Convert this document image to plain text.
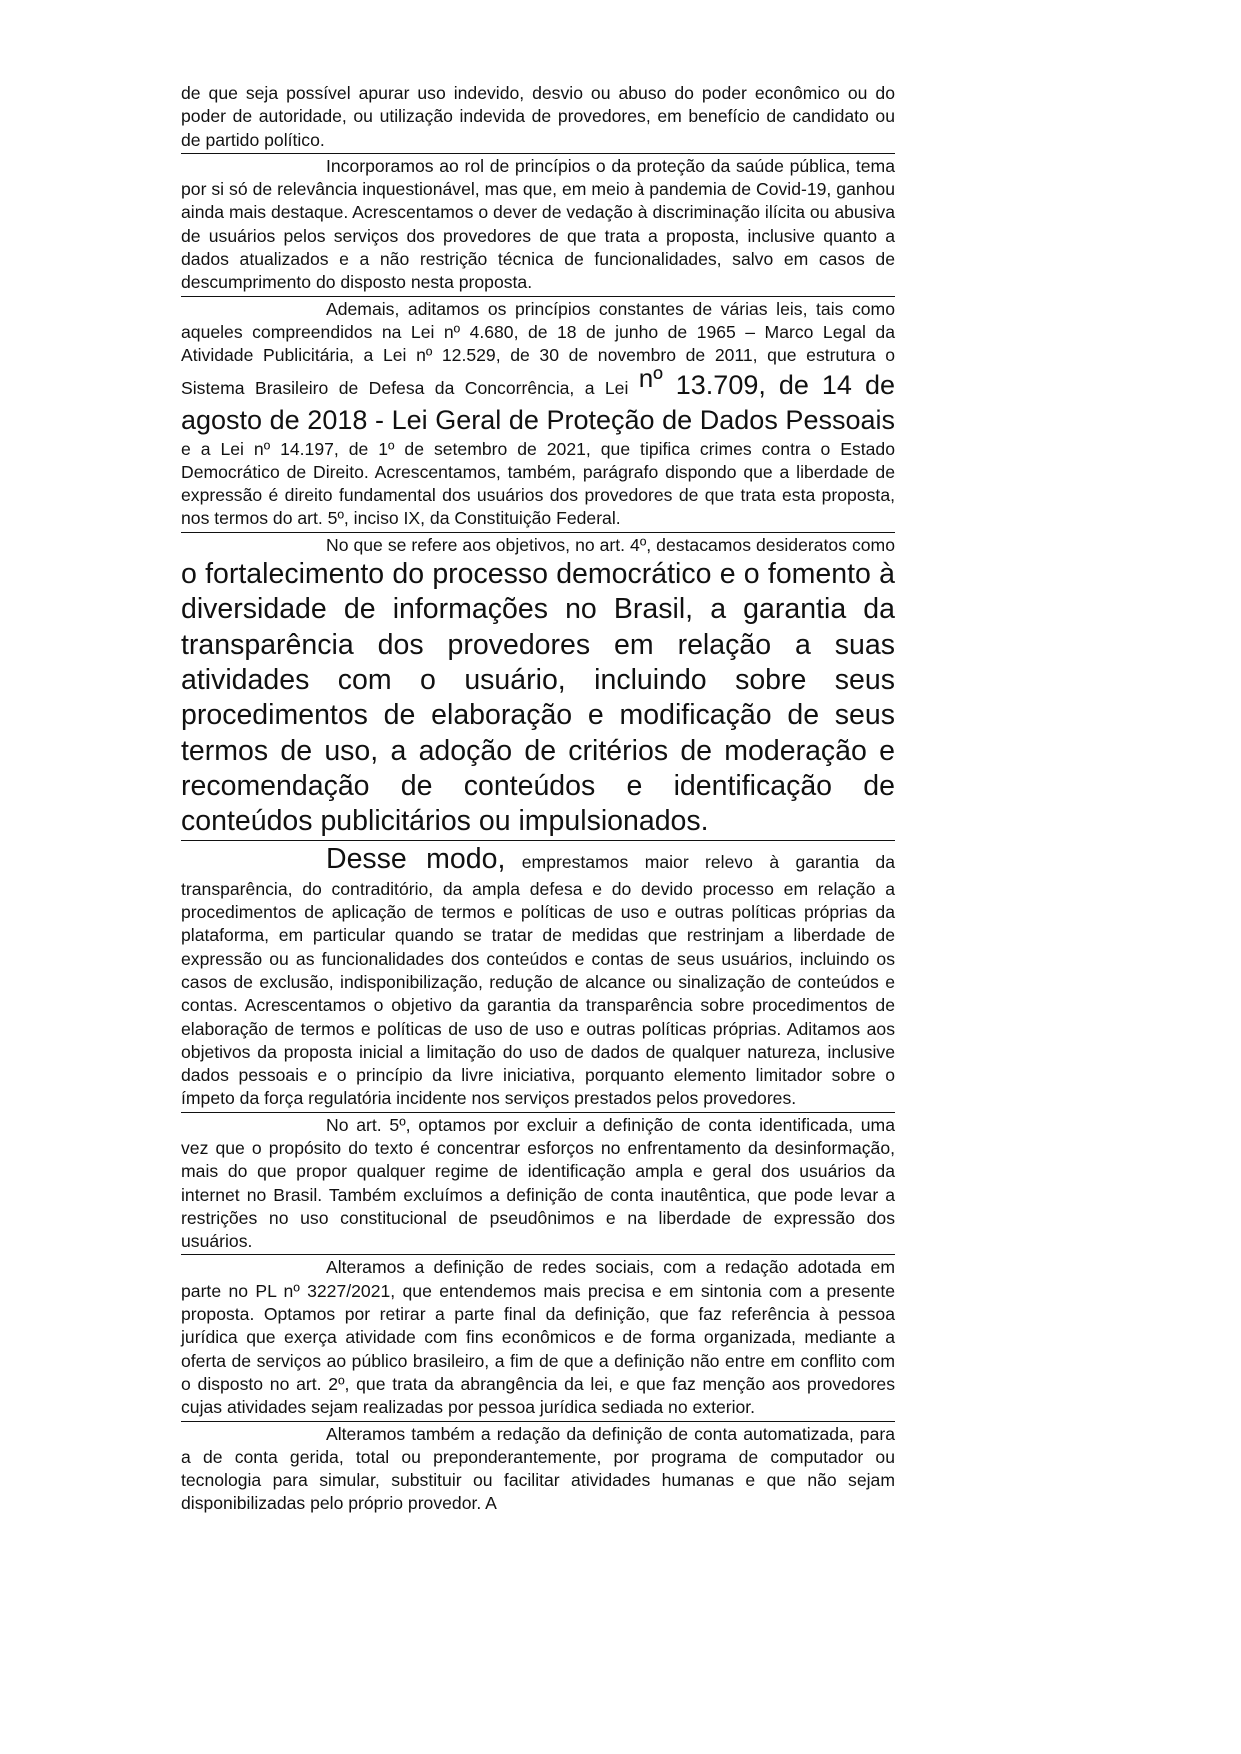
de que seja possível apurar uso indevido, desvio ou abuso do poder econômico ou do poder de autoridade, ou utilização indevida de provedores, em benefício de candidato ou de partido político.

Incorporamos ao rol de princípios o da proteção da saúde pública, tema por si só de relevância inquestionável, mas que, em meio à pandemia de Covid-19, ganhou ainda mais destaque. Acrescentamos o dever de vedação à discriminação ilícita ou abusiva de usuários pelos serviços dos provedores de que trata a proposta, inclusive quanto a dados atualizados e a não restrição técnica de funcionalidades, salvo em casos de descumprimento do disposto nesta proposta.

Ademais, aditamos os princípios constantes de várias leis, tais como aqueles compreendidos na Lei nº 4.680, de 18 de junho de 1965 – Marco Legal da Atividade Publicitária, a Lei nº 12.529, de 30 de novembro de 2011, que estrutura o Sistema Brasileiro de Defesa da Concorrência, a Lei nº 13.709, de 14 de agosto de 2018 - Lei Geral de Proteção de Dados Pessoais e a Lei nº 14.197, de 1º de setembro de 2021, que tipifica crimes contra o Estado Democrático de Direito. Acrescentamos, também, parágrafo dispondo que a liberdade de expressão é direito fundamental dos usuários dos provedores de que trata esta proposta, nos termos do art. 5º, inciso IX, da Constituição Federal.

No que se refere aos objetivos, no art. 4º, destacamos desideratos como o fortalecimento do processo democrático e o fomento à diversidade de informações no Brasil, a garantia da transparência dos provedores em relação a suas atividades com o usuário, incluindo sobre seus procedimentos de elaboração e modificação de seus termos de uso, a adoção de critérios de moderação e recomendação de conteúdos e identificação de conteúdos publicitários ou impulsionados.

Desse modo, emprestamos maior relevo à garantia da transparência, do contraditório, da ampla defesa e do devido processo em relação a procedimentos de aplicação de termos e políticas de uso e outras políticas próprias da plataforma, em particular quando se tratar de medidas que restrinjam a liberdade de expressão ou as funcionalidades dos conteúdos e contas de seus usuários, incluindo os casos de exclusão, indisponibilização, redução de alcance ou sinalização de conteúdos e contas. Acrescentamos o objetivo da garantia da transparência sobre procedimentos de elaboração de termos e políticas de uso de uso e outras políticas próprias. Aditamos aos objetivos da proposta inicial a limitação do uso de dados de qualquer natureza, inclusive dados pessoais e o princípio da livre iniciativa, porquanto elemento limitador sobre o ímpeto da força regulatória incidente nos serviços prestados pelos provedores.

No art. 5º, optamos por excluir a definição de conta identificada, uma vez que o propósito do texto é concentrar esforços no enfrentamento da desinformação, mais do que propor qualquer regime de identificação ampla e geral dos usuários da internet no Brasil. Também excluímos a definição de conta inautêntica, que pode levar a restrições no uso constitucional de pseudônimos e na liberdade de expressão dos usuários.

Alteramos a definição de redes sociais, com a redação adotada em parte no PL nº 3227/2021, que entendemos mais precisa e em sintonia com a presente proposta. Optamos por retirar a parte final da definição, que faz referência à pessoa jurídica que exerça atividade com fins econômicos e de forma organizada, mediante a oferta de serviços ao público brasileiro, a fim de que a definição não entre em conflito com o disposto no art. 2º, que trata da abrangência da lei, e que faz menção aos provedores cujas atividades sejam realizadas por pessoa jurídica sediada no exterior.

Alteramos também a redação da definição de conta automatizada, para a de conta gerida, total ou preponderantemente, por programa de computador ou tecnologia para simular, substituir ou facilitar atividades humanas e que não sejam disponibilizadas pelo próprio provedor. A
